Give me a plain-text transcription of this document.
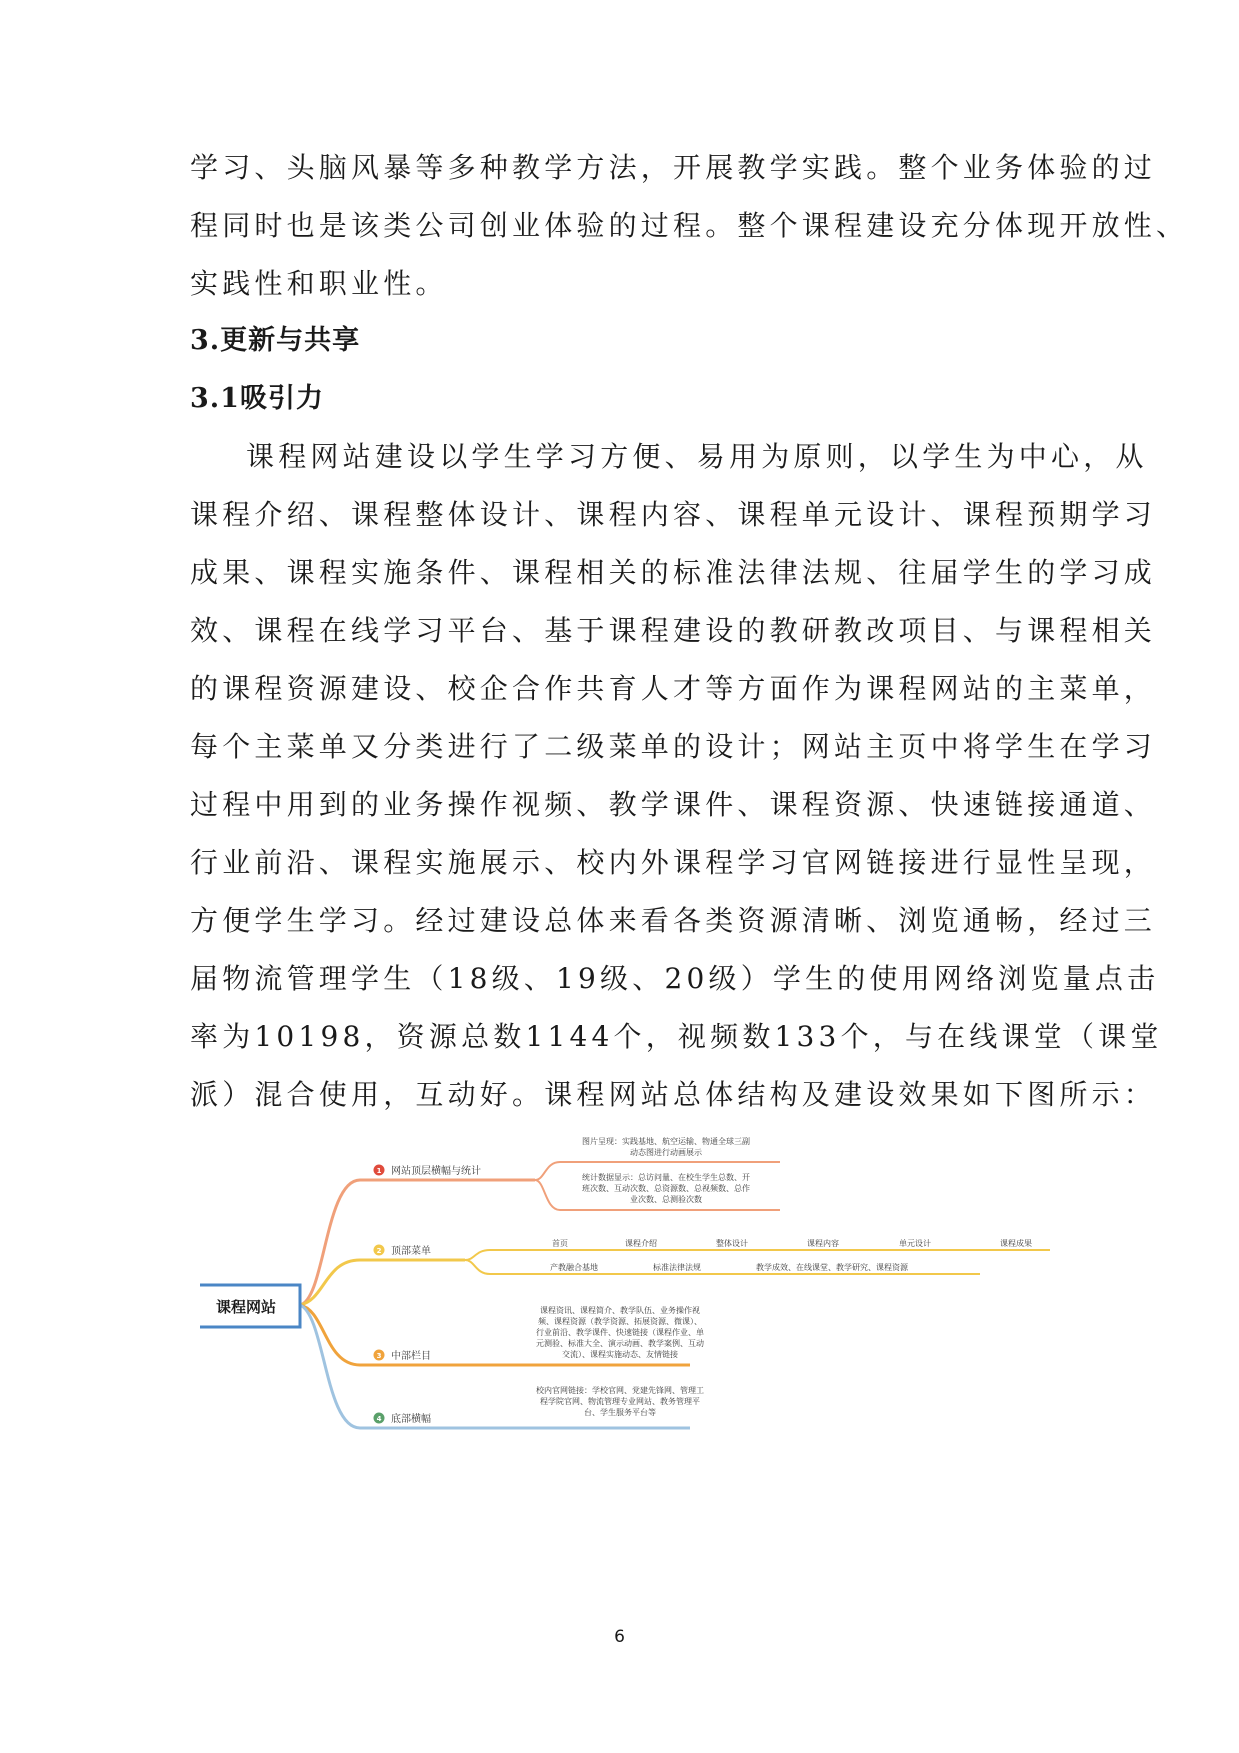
学习、头脑风暴等多种教学方法，开展教学实践。整个业务体验的过
程同时也是该类公司创业体验的过程。整个课程建设充分体现开放性、
实践性和职业性。
3.更新与共享
3.1吸引力
课程网站建设以学生学习方便、易用为原则，以学生为中心，从
课程介绍、课程整体设计、课程内容、课程单元设计、课程预期学习
成果、课程实施条件、课程相关的标准法律法规、往届学生的学习成
效、课程在线学习平台、基于课程建设的教研教改项目、与课程相关
的课程资源建设、校企合作共育人才等方面作为课程网站的主菜单，
每个主菜单又分类进行了二级菜单的设计；网站主页中将学生在学习
过程中用到的业务操作视频、教学课件、课程资源、快速链接通道、
行业前沿、课程实施展示、校内外课程学习官网链接进行显性呈现，
方便学生学习。经过建设总体来看各类资源清晰、浏览通畅，经过三
届物流管理学生（18级、19级、20级）学生的使用网络浏览量点击
率为10198，资源总数1144个，视频数133个，与在线课堂（课堂
派）混合使用，互动好。课程网站总体结构及建设效果如下图所示：
课程网站
1 网站顶层横幅与统计
图片呈现：实践基地、航空运输、物通全球三副
动态图进行动画展示
统计数据显示：总访问量、在校生学生总数、开
班次数、互动次数、总资源数、总视频数、总作
业次数、总测验次数
2 顶部菜单
首页	课程介绍	整体设计	课程内容	单元设计	课程成果
产教融合基地	标准法律法规	教学成效、在线课堂、教学研究、课程资源
3 中部栏目
课程资讯、课程简介、教学队伍、业务操作视
频、课程资源（教学资源、拓展资源、微课）、
行业前沿、教学课件、快速链接（课程作业、单
元测验、标准大全、演示动画、教学案例、互动
交流）、课程实施动态、友情链接
4 底部横幅
校内官网链接：学校官网、党建先锋网、管理工
程学院官网、物流管理专业网站、教务管理平
台、学生服务平台等
6
